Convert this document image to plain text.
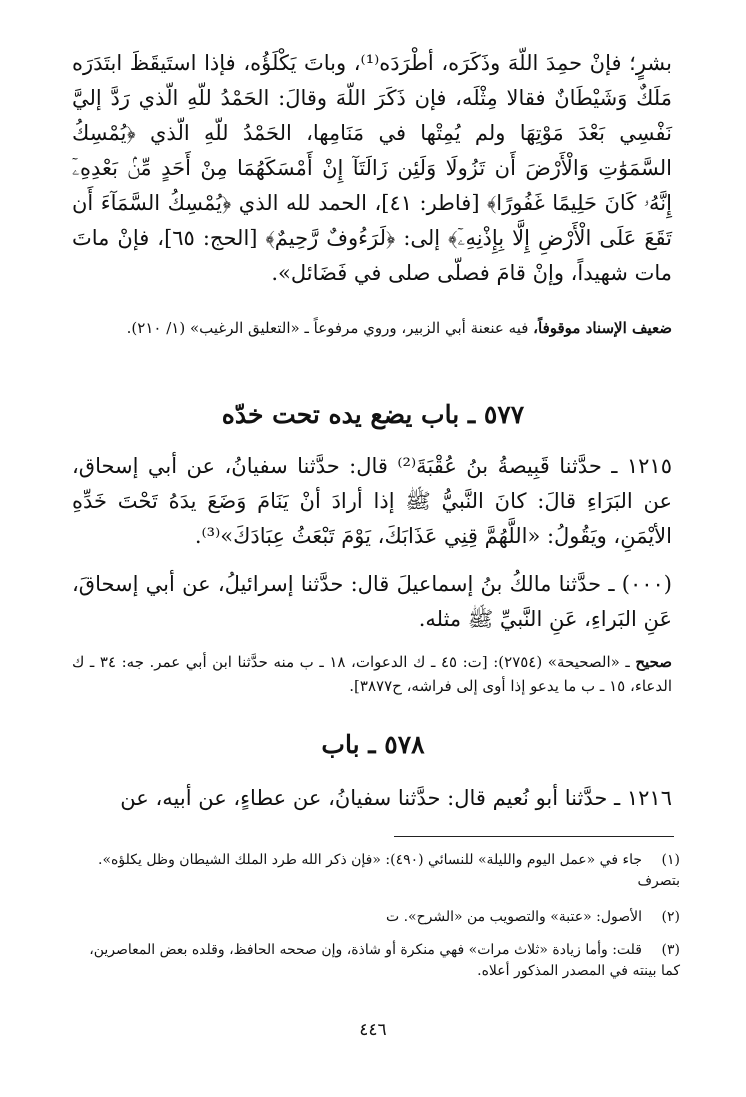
بشرٍ؛ فإنْ حمِدَ اللّهَ وذَكَرَه، أطْرَدَه⁽¹⁾، وباتَ يَكْلَؤُه، فإذا استَيقَظَ ابتَدَرَه مَلَكٌ وَشَيْطَانٌ فقالا مِثْلَه، فإن ذَكَرَ اللّهَ وقالَ: الحَمْدُ للّهِ الّذي رَدَّ إليَّ نَفْسِي بَعْدَ مَوْتِهَا ولم يُمِتْها في مَنَامِها، الحَمْدُ للّهِ الّذي ﴿يُمْسِكُ السَّمَوَٰتِ وَالْأَرْضَ أَن تَزُولَا وَلَئِن زَالَتَآ إِنْ أَمْسَكَهُمَا مِنْ أَحَدٍ مِّنۢ بَعْدِهِۦٓ إِنَّهُۥ كَانَ حَلِيمًا غَفُورًا﴾ [فاطر: ٤١]، الحمد لله الذي ﴿يُمْسِكُ السَّمَآءَ أَن تَقَعَ عَلَى الْأَرْضِ إِلَّا بِإِذْنِهِۦٓ﴾ إلى: ﴿لَرَءُوفٌ رَّحِيمٌ﴾ [الحج: ٦٥]، فإنْ ماتَ مات شهيداً، وإنْ قامَ فصلّى صلى في فَضَائل».

ضعيف الإسناد موقوفاً، فيه عنعنة أبي الزبير، وروي مرفوعاً ـ «التعليق الرغيب» (١/ ٢١٠).

٥٧٧ ـ باب يضع يده تحت خدّه

١٢١٥ ـ حدَّثنا قَبِيصةُ بنُ عُقْبَةَ⁽²⁾ قال: حدَّثنا سفيانُ، عن أبي إسحاق، عن البَرَاءِ قالَ: كانَ النَّبيُّ ﷺ إذا أرادَ أنْ يَنَامَ وَضَعَ يدَهُ تَحْتَ خَدِّهِ الأيْمَنِ، ويَقُولُ: «اللَّهُمَّ قِنِي عَذَابَكَ، يَوْمَ تَبْعَثُ عِبَادَكَ»⁽³⁾.

(٠٠٠) ـ حدَّثنا مالكُ بنُ إسماعيلَ قال: حدَّثنا إسرائيلُ، عن أبي إسحاقَ، عَنِ البَراءِ، عَنِ النَّبيِّ ﷺ مثله.

صحيح ـ «الصحيحة» (٢٧٥٤): [ت: ٤٥ ـ ك الدعوات، ١٨ ـ ب منه حدَّثنا ابن أبي عمر. جه: ٣٤ ـ ك الدعاء، ١٥ ـ ب ما يدعو إذا أوى إلى فراشه، ح٣٨٧٧].

٥٧٨ ـ باب

١٢١٦ ـ حدَّثنا أبو نُعيم قال: حدَّثنا سفيانُ، عن عطاءٍ، عن أبيه، عن

(١)جاء في «عمل اليوم والليلة» للنسائي (٤٩٠): «فإن ذكر الله طرد الملك الشيطان وظل يكلؤه». بتصرف

(٢)الأصول: «عتبة» والتصويب من «الشرح». ت

(٣)قلت: وأما زيادة «ثلاث مرات» فهي منكرة أو شاذة، وإن صححه الحافظ، وقلده بعض المعاصرين، كما بينته في المصدر المذكور أعلاه.

٤٤٦
